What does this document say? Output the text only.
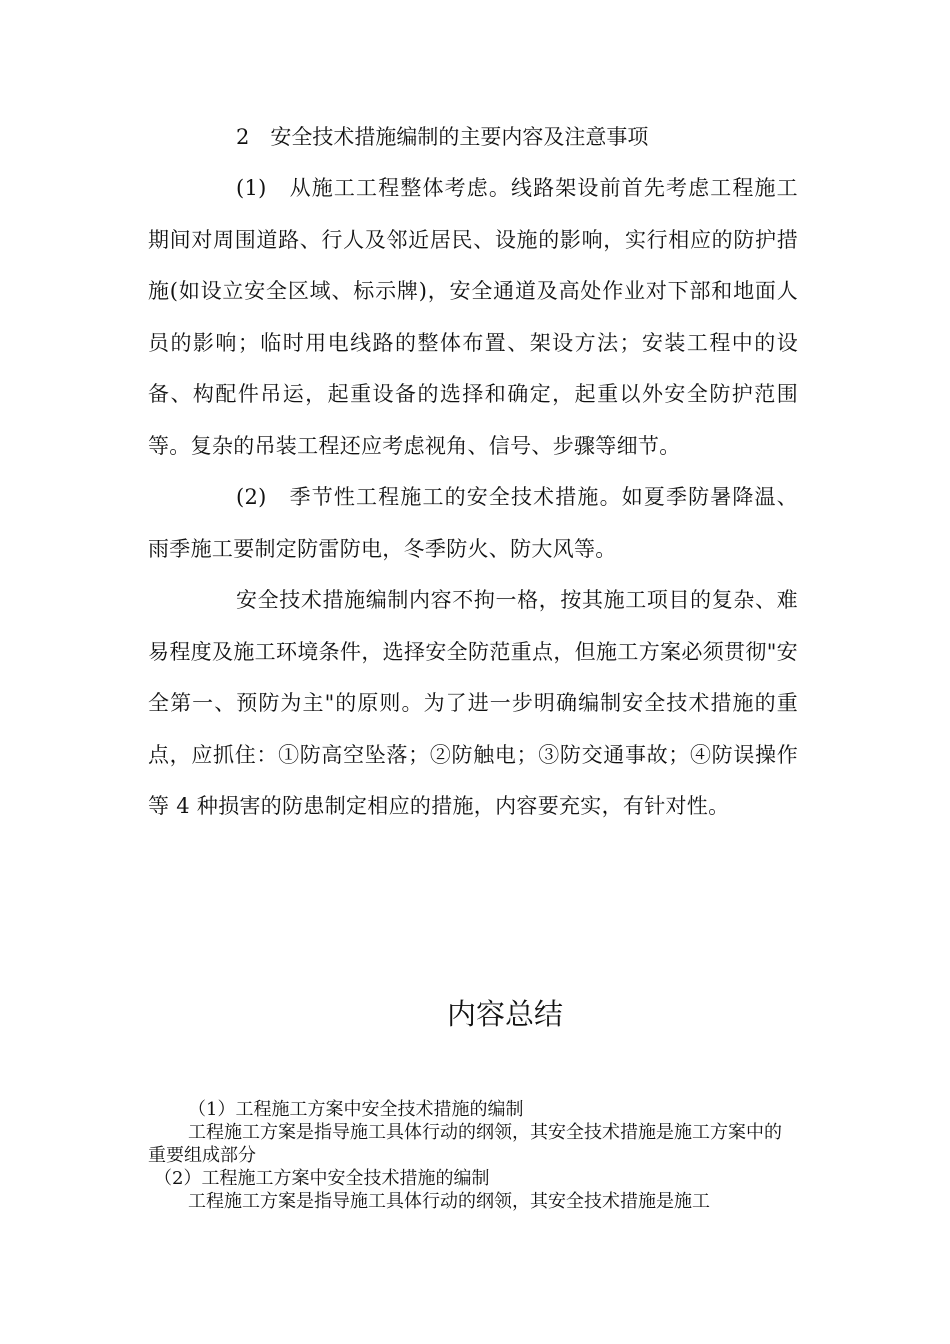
2　安全技术措施编制的主要内容及注意事项

(1)　从施工工程整体考虑。线路架设前首先考虑工程施工期间对周围道路、行人及邻近居民、设施的影响，实行相应的防护措施(如设立安全区域、标示牌)，安全通道及高处作业对下部和地面人员的影响；临时用电线路的整体布置、架设方法；安装工程中的设备、构配件吊运，起重设备的选择和确定，起重以外安全防护范围等。复杂的吊装工程还应考虑视角、信号、步骤等细节。

(2)　季节性工程施工的安全技术措施。如夏季防暑降温、雨季施工要制定防雷防电，冬季防火、防大风等。

安全技术措施编制内容不拘一格，按其施工项目的复杂、难易程度及施工环境条件，选择安全防范重点，但施工方案必须贯彻"安全第一、预防为主"的原则。为了进一步明确编制安全技术措施的重点，应抓住：①防高空坠落；②防触电；③防交通事故；④防误操作等 4 种损害的防患制定相应的措施，内容要充实，有针对性。

内容总结

（1）工程施工方案中安全技术措施的编制

工程施工方案是指导施工具体行动的纲领，其安全技术措施是施工方案中的重要组成部分

（2）工程施工方案中安全技术措施的编制

工程施工方案是指导施工具体行动的纲领，其安全技术措施是施工
